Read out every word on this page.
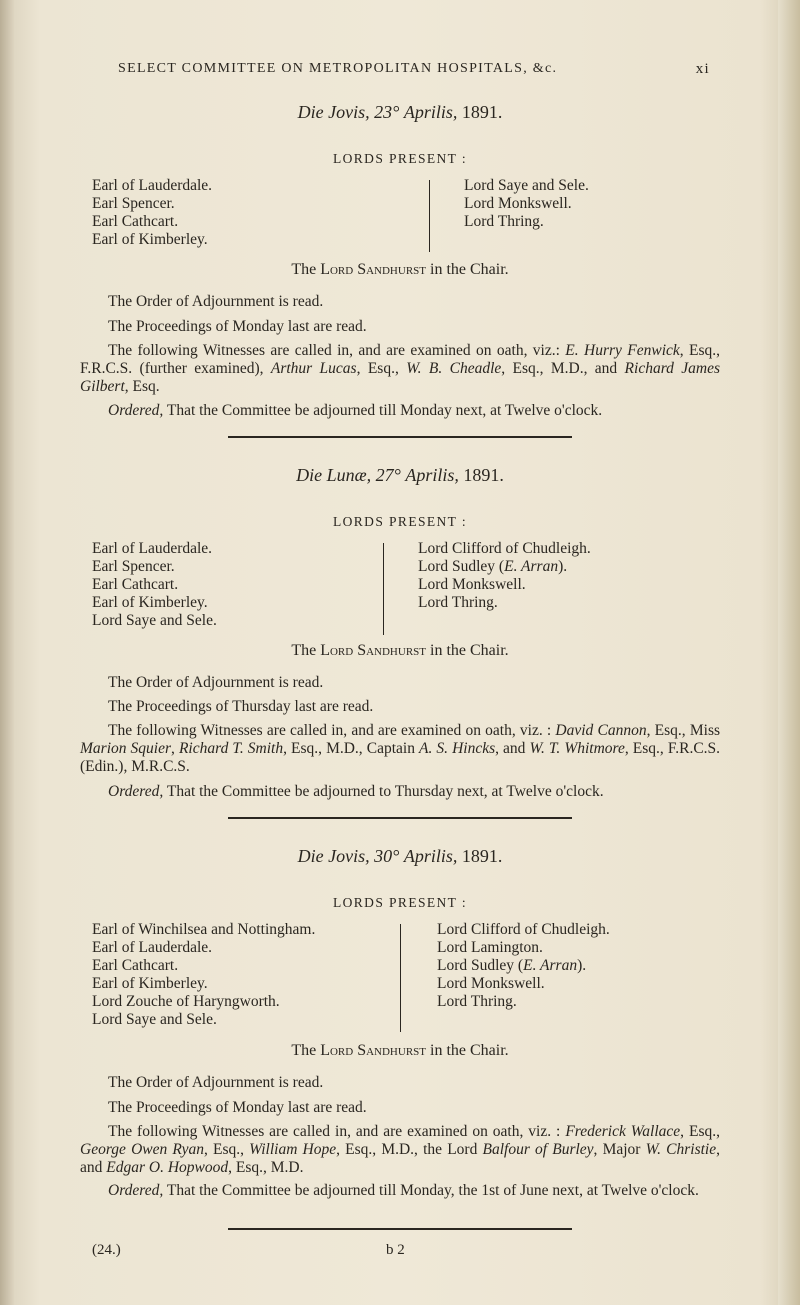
SELECT COMMITTEE ON METROPOLITAN HOSPITALS, &c.	xi
Die Jovis, 23° Aprilis, 1891.
LORDS PRESENT :
Earl of Lauderdale.
Earl Spencer.
Earl Cathcart.
Earl of Kimberley.
Lord Saye and Sele.
Lord Monkswell.
Lord Thring.
The Lord Sandhurst in the Chair.
The Order of Adjournment is read.
The Proceedings of Monday last are read.
The following Witnesses are called in, and are examined on oath, viz.: E. Hurry Fenwick, Esq., F.R.C.S. (further examined), Arthur Lucas, Esq., W. B. Cheadle, Esq., M.D., and Richard James Gilbert, Esq.
Ordered, That the Committee be adjourned till Monday next, at Twelve o'clock.
Die Lunæ, 27° Aprilis, 1891.
LORDS PRESENT :
Earl of Lauderdale.
Earl Spencer.
Earl Cathcart.
Earl of Kimberley.
Lord Saye and Sele.
Lord Clifford of Chudleigh.
Lord Sudley (E. Arran).
Lord Monkswell.
Lord Thring.
The Lord Sandhurst in the Chair.
The Order of Adjournment is read.
The Proceedings of Thursday last are read.
The following Witnesses are called in, and are examined on oath, viz. : David Cannon, Esq., Miss Marion Squier, Richard T. Smith, Esq., M.D., Captain A. S. Hincks, and W. T. Whitmore, Esq., F.R.C.S. (Edin.), M.R.C.S.
Ordered, That the Committee be adjourned to Thursday next, at Twelve o'clock.
Die Jovis, 30° Aprilis, 1891.
LORDS PRESENT :
Earl of Winchilsea and Nottingham.
Earl of Lauderdale.
Earl Cathcart.
Earl of Kimberley.
Lord Zouche of Haryngworth.
Lord Saye and Sele.
Lord Clifford of Chudleigh.
Lord Lamington.
Lord Sudley (E. Arran).
Lord Monkswell.
Lord Thring.
The Lord Sandhurst in the Chair.
The Order of Adjournment is read.
The Proceedings of Monday last are read.
The following Witnesses are called in, and are examined on oath, viz. : Frederick Wallace, Esq., George Owen Ryan, Esq., William Hope, Esq., M.D., the Lord Balfour of Burley, Major W. Christie, and Edgar O. Hopwood, Esq., M.D.
Ordered, That the Committee be adjourned till Monday, the 1st of June next, at Twelve o'clock.
(24.)	b 2
